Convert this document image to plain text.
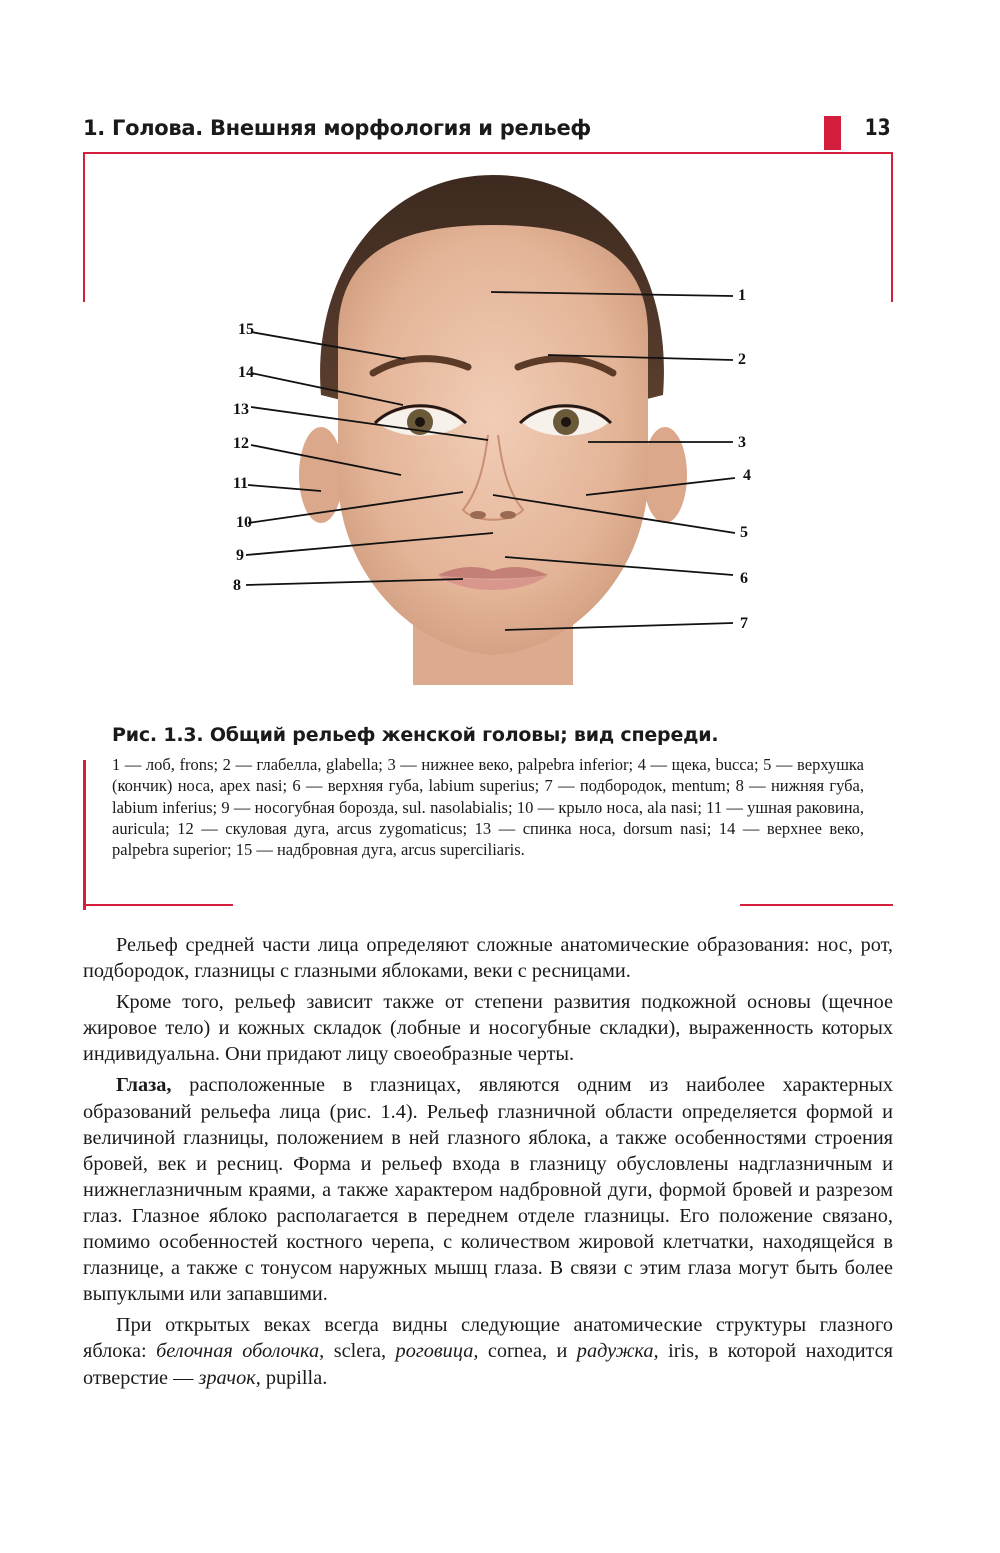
1. Голова. Внешняя морфология и рельеф	13
1
2
3
4
5
6
7
8
9
10
11
12
13
14
15
Рис. 1.3. Общий рельеф женской головы; вид спереди.
1 — лоб, frons; 2 — глабелла, glabella; 3 — нижнее веко, palpebra inferior; 4 — щека, bucca; 5 — верхушка (кончик) носа, apex nasi; 6 — верхняя губа, labium superius; 7 — подбородок, mentum; 8 — нижняя губа, labium inferius; 9 — носогубная борозда, sul. nasolabialis; 10 — крыло носа, ala nasi; 11 — ушная раковина, auricula; 12 — скуловая дуга, arcus zygomaticus; 13 — спинка носа, dorsum nasi; 14 — верхнее веко, palpebra superior; 15 — надбровная дуга, arcus superciliaris.

Рельеф средней части лица определяют сложные анатомические образования: нос, рот, подбородок, глазницы с глазными яблоками, веки с ресницами.

Кроме того, рельеф зависит также от степени развития подкожной основы (щечное жировое тело) и кожных складок (лобные и носогубные складки), выраженность которых индивидуальна. Они придают лицу своеобразные черты.

Глаза, расположенные в глазницах, являются одним из наиболее характерных образований рельефа лица (рис. 1.4). Рельеф глазничной области определяется формой и величиной глазницы, положением в ней глазного яблока, а также особенностями строения бровей, век и ресниц. Форма и рельеф входа в глазницу обусловлены надглазничным и нижнеглазничным краями, а также характером надбровной дуги, формой бровей и разрезом глаз. Глазное яблоко располагается в переднем отделе глазницы. Его положение связано, помимо особенностей костного черепа, с количеством жировой клетчатки, находящейся в глазнице, а также с тонусом наружных мышц глаза. В связи с этим глаза могут быть более выпуклыми или запавшими.

При открытых веках всегда видны следующие анатомические структуры глазного яблока: белочная оболочка, sclera, роговица, cornea, и радужка, iris, в которой находится отверстие — зрачок, pupilla.
